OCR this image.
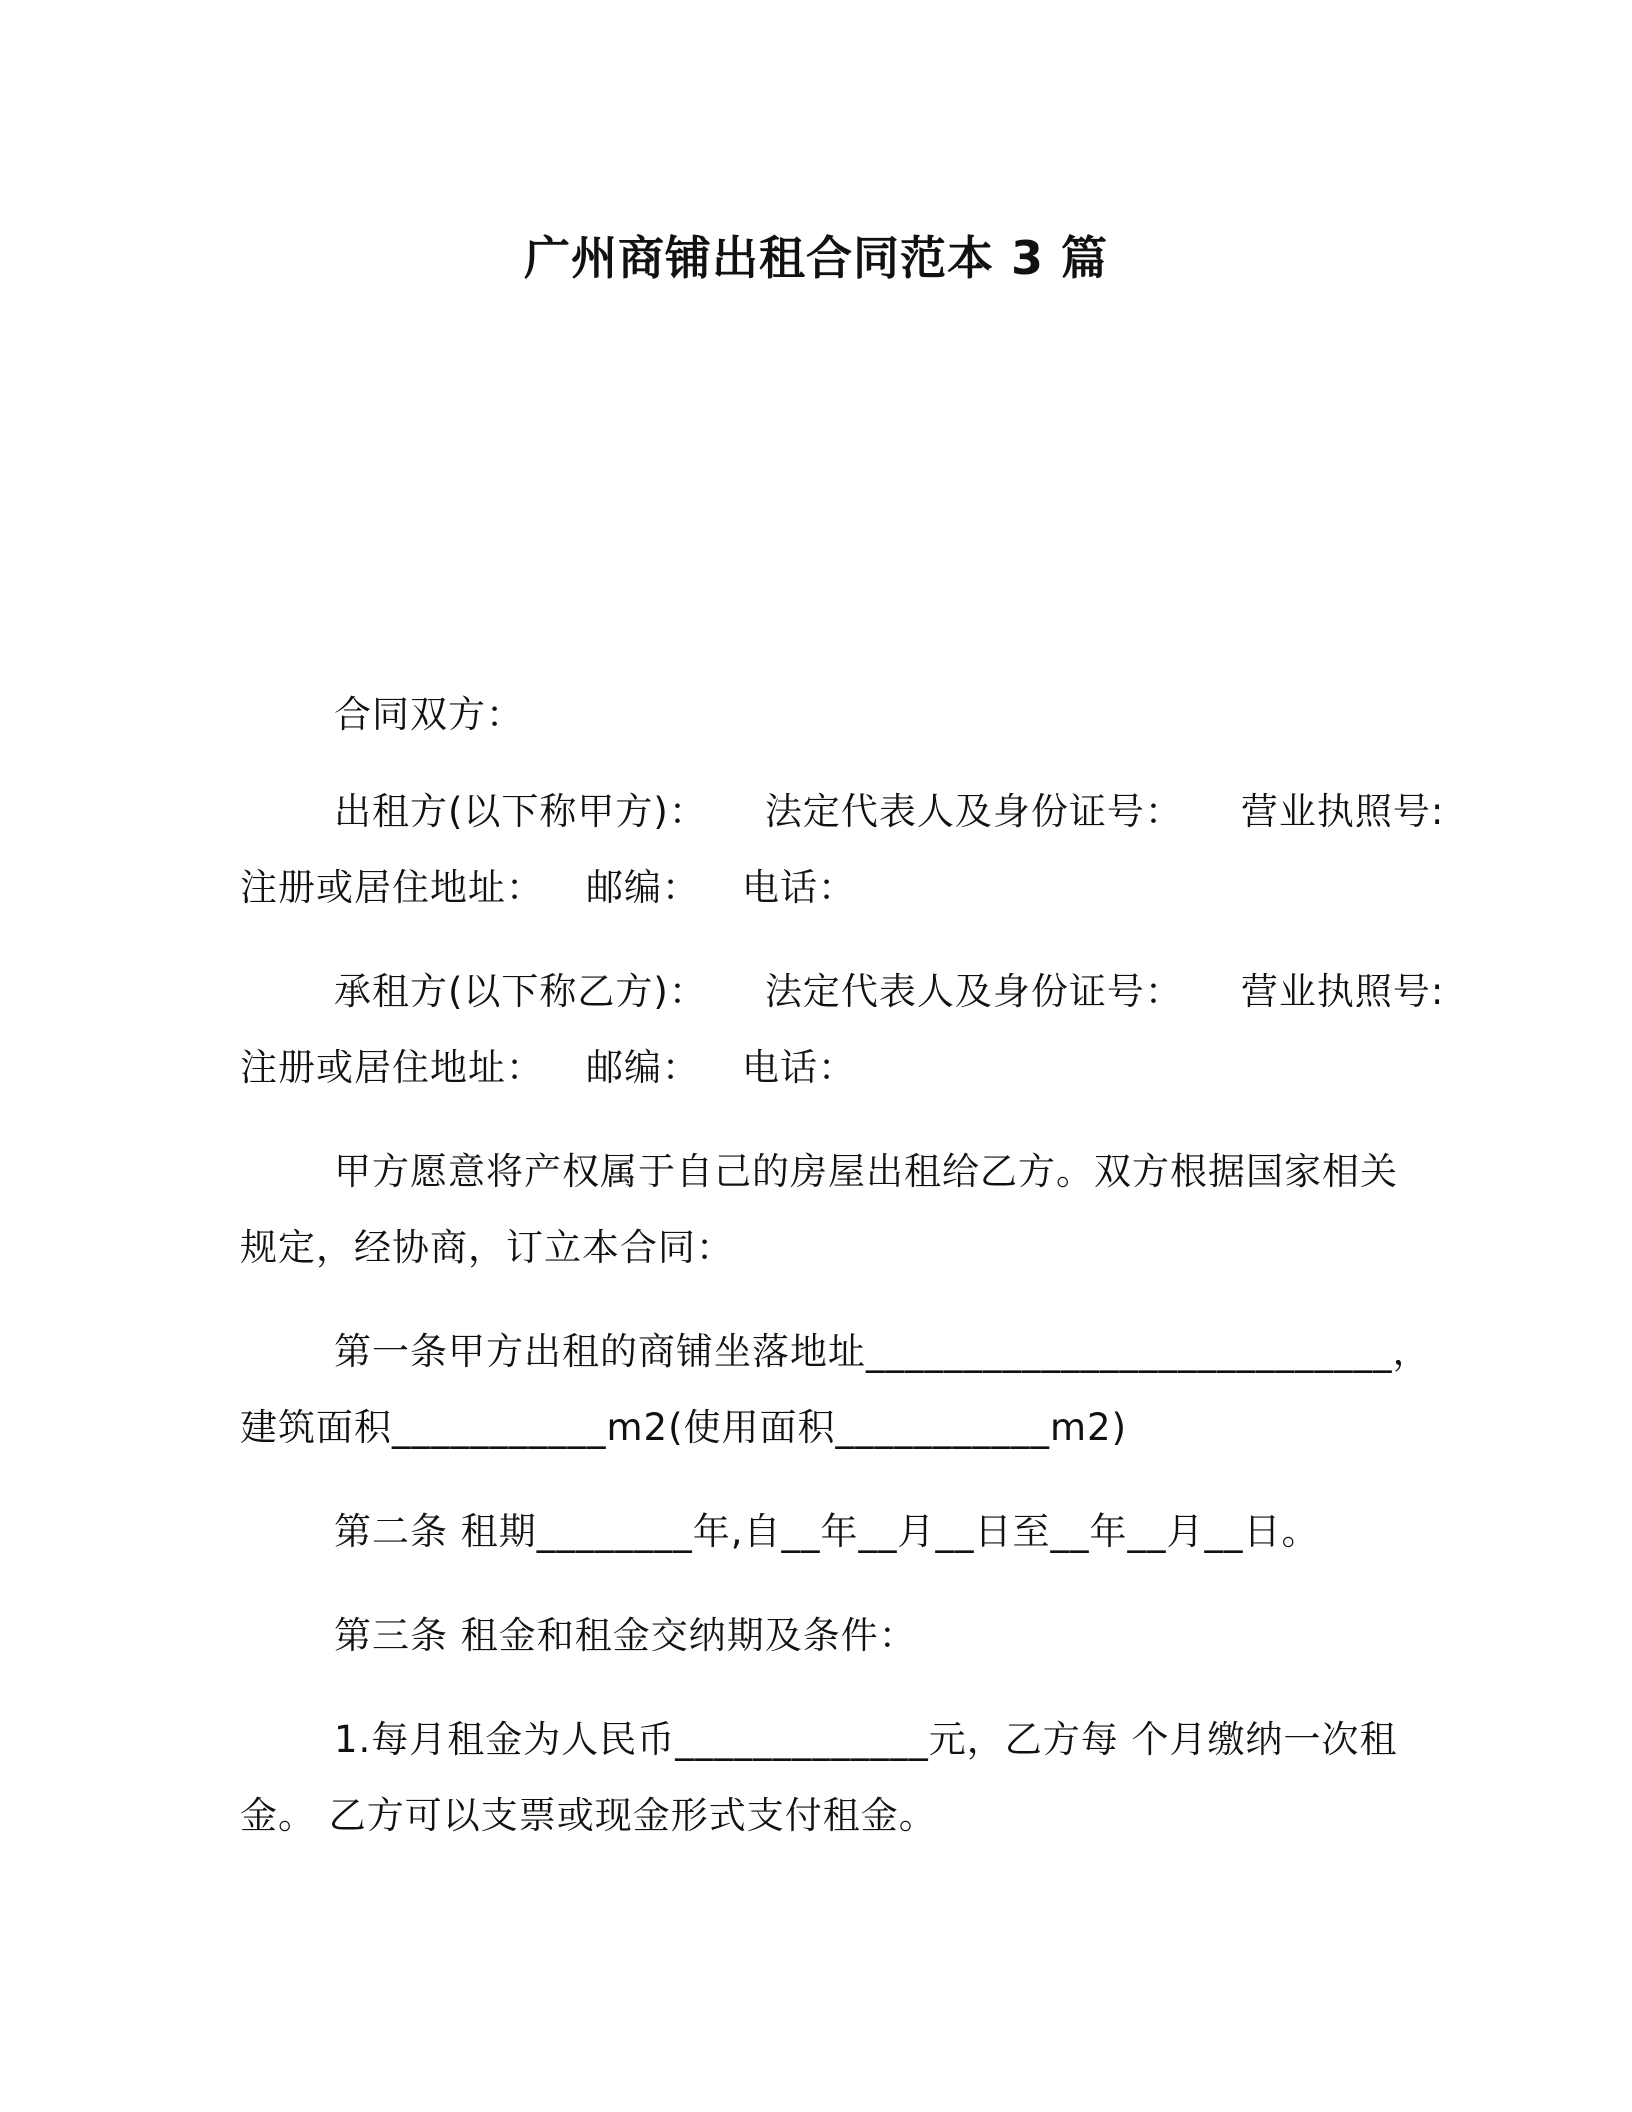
广州商铺出租合同范本 3 篇
合同双方：
出租方(以下称甲方)： 法定代表人及身份证号： 营业执照号:
注册或居住地址： 邮编： 电话：
承租方(以下称乙方)： 法定代表人及身份证号： 营业执照号:
注册或居住地址： 邮编： 电话：
甲方愿意将产权属于自己的房屋出租给乙方。双方根据国家相关
规定，经协商，订立本合同：
第一条甲方出租的商铺坐落地址___________________________，
建筑面积___________m2(使用面积___________m2)
第二条 租期________年,自__年__月__日至__年__月__日。
第三条 租金和租金交纳期及条件：
1.每月租金为人民币_____________元，乙方每 个月缴纳一次租
金。 乙方可以支票或现金形式支付租金。
